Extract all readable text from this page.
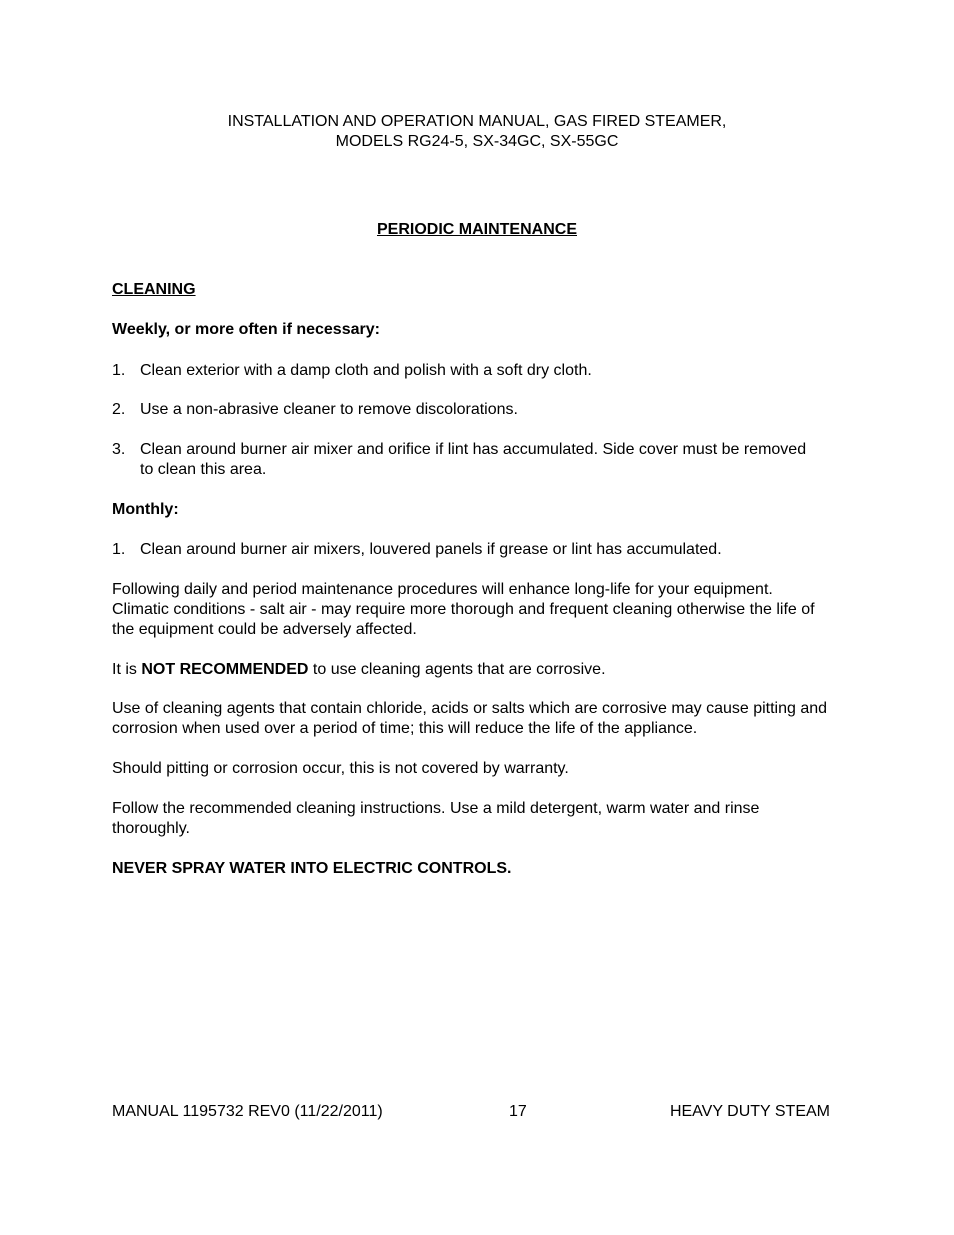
INSTALLATION AND OPERATION MANUAL, GAS FIRED STEAMER,
MODELS RG24-5, SX-34GC, SX-55GC
PERIODIC MAINTENANCE
CLEANING
Weekly, or more often if necessary:
1. Clean exterior with a damp cloth and polish with a soft dry cloth.
2. Use a non-abrasive cleaner to remove discolorations.
3. Clean around burner air mixer and orifice if lint has accumulated. Side cover must be removed to clean this area.
Monthly:
1. Clean around burner air mixers, louvered panels if grease or lint has accumulated.
Following daily and period maintenance procedures will enhance long-life for your equipment. Climatic conditions - salt air - may require more thorough and frequent cleaning otherwise the life of the equipment could be adversely affected.
It is NOT RECOMMENDED to use cleaning agents that are corrosive.
Use of cleaning agents that contain chloride, acids or salts which are corrosive may cause pitting and corrosion when used over a period of time; this will reduce the life of the appliance.
Should pitting or corrosion occur, this is not covered by warranty.
Follow the recommended cleaning instructions. Use a mild detergent, warm water and rinse thoroughly.
NEVER SPRAY WATER INTO ELECTRIC CONTROLS.
MANUAL 1195732 REV0 (11/22/2011)	17	HEAVY DUTY STEAM
